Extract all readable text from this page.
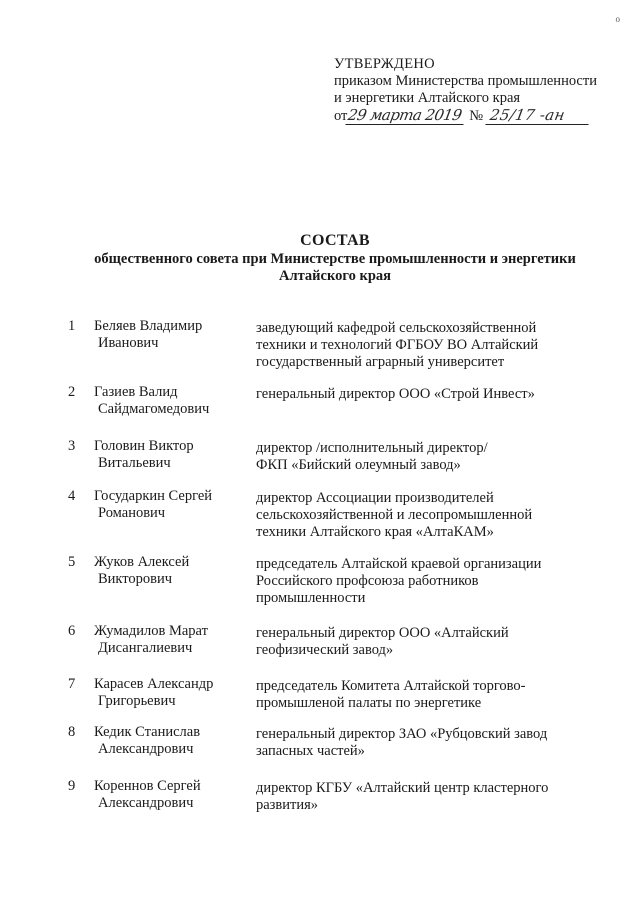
о
УТВЕРЖДЕНО
приказом Министерства промышленности
и энергетики Алтайского края
от29 марта 2019 № 25/17 -ан
СОСТАВ
общественного совета при Министерстве промышленности и энергетики
Алтайского края
1 Беляев Владимир
Иванович
заведующий кафедрой сельскохозяйственной
техники и технологий ФГБОУ ВО Алтайский
государственный аграрный университет
2 Газиев Валид
Сайдмагомедович
генеральный директор ООО «Строй Инвест»
3 Головин Виктор
Витальевич
директор /исполнительный директор/
ФКП «Бийский олеумный завод»
4 Государкин Сергей
Романович
директор Ассоциации производителей
сельскохозяйственной и лесопромышленной
техники Алтайского края «АлтаКАМ»
5 Жуков Алексей
Викторович
председатель Алтайской краевой организации
Российского профсоюза работников
промышленности
6 Жумадилов Марат
Дисангалиевич
генеральный директор ООО «Алтайский
геофизический завод»
7 Карасев Александр
Григорьевич
председатель Комитета Алтайской торгово-
промышленой палаты по энергетике
8 Кедик Станислав
Александрович
генеральный директор ЗАО «Рубцовский завод
запасных частей»
9 Кореннов Сергей
Александрович
директор КГБУ «Алтайский центр кластерного
развития»
